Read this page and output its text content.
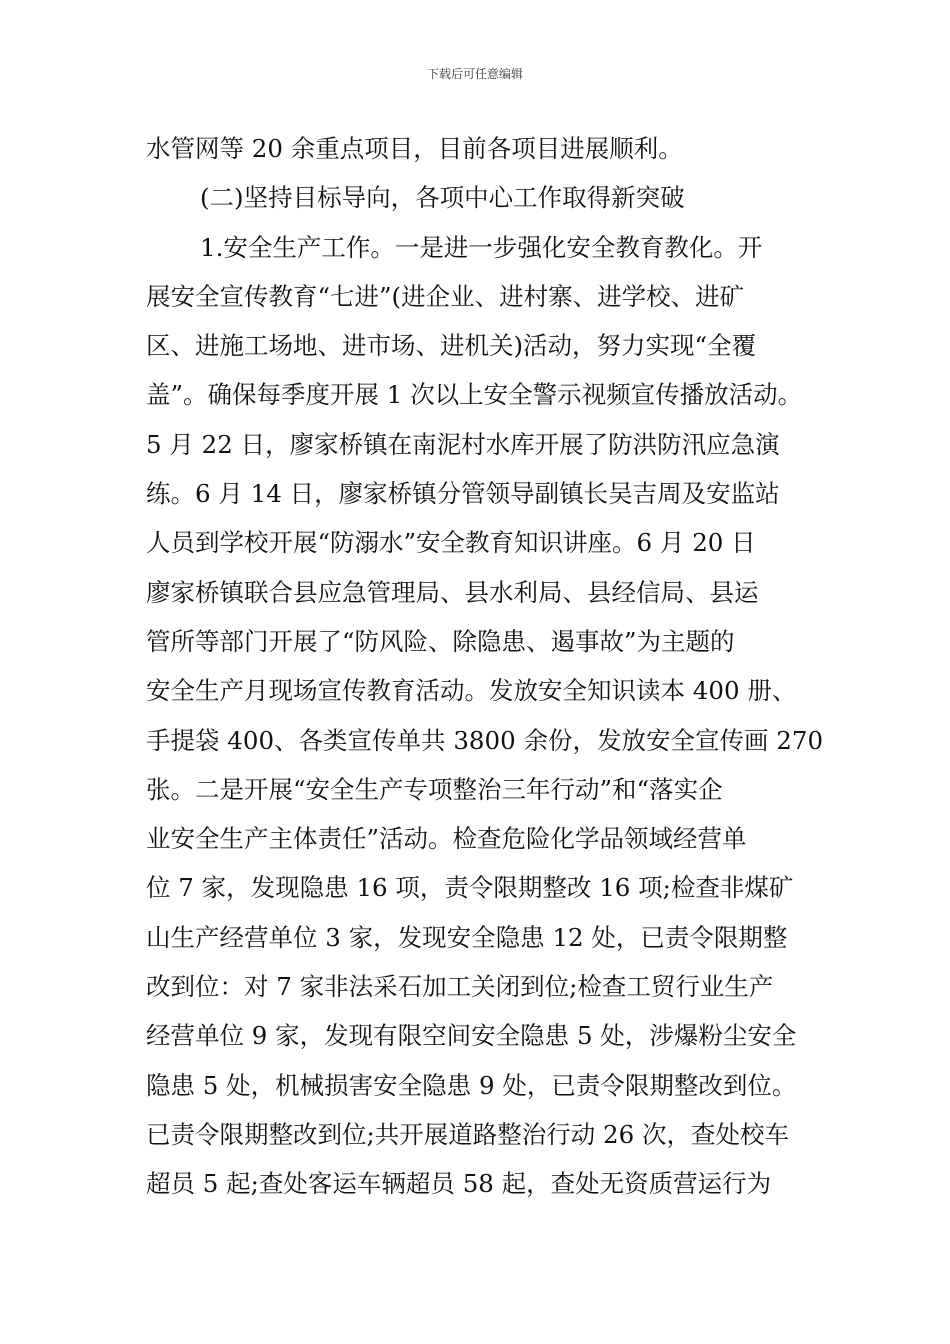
下载后可任意编辑
水管网等 20 余重点项目，目前各项目进展顺利。
(二)坚持目标导向，各项中心工作取得新突破
1.安全生产工作。一是进一步强化安全教育教化。开
展安全宣传教育“七进”(进企业、进村寨、进学校、进矿
区、进施工场地、进市场、进机关)活动，努力实现“全覆
盖”。确保每季度开展 1 次以上安全警示视频宣传播放活动。
5 月 22 日，廖家桥镇在南泥村水库开展了防洪防汛应急演
练。6 月 14 日，廖家桥镇分管领导副镇长吴吉周及安监站
人员到学校开展“防溺水”安全教育知识讲座。6 月 20 日
廖家桥镇联合县应急管理局、县水利局、县经信局、县运
管所等部门开展了“防风险、除隐患、遏事故”为主题的
安全生产月现场宣传教育活动。发放安全知识读本 400 册、
手提袋 400、各类宣传单共 3800 余份，发放安全宣传画 270
张。二是开展“安全生产专项整治三年行动”和“落实企
业安全生产主体责任”活动。检查危险化学品领域经营单
位 7 家，发现隐患 16 项，责令限期整改 16 项;检查非煤矿
山生产经营单位 3 家，发现安全隐患 12 处，已责令限期整
改到位：对 7 家非法采石加工关闭到位;检查工贸行业生产
经营单位 9 家，发现有限空间安全隐患 5 处，涉爆粉尘安全
隐患 5 处，机械损害安全隐患 9 处，已责令限期整改到位。
已责令限期整改到位;共开展道路整治行动 26 次，查处校车
超员 5 起;查处客运车辆超员 58 起，查处无资质营运行为
